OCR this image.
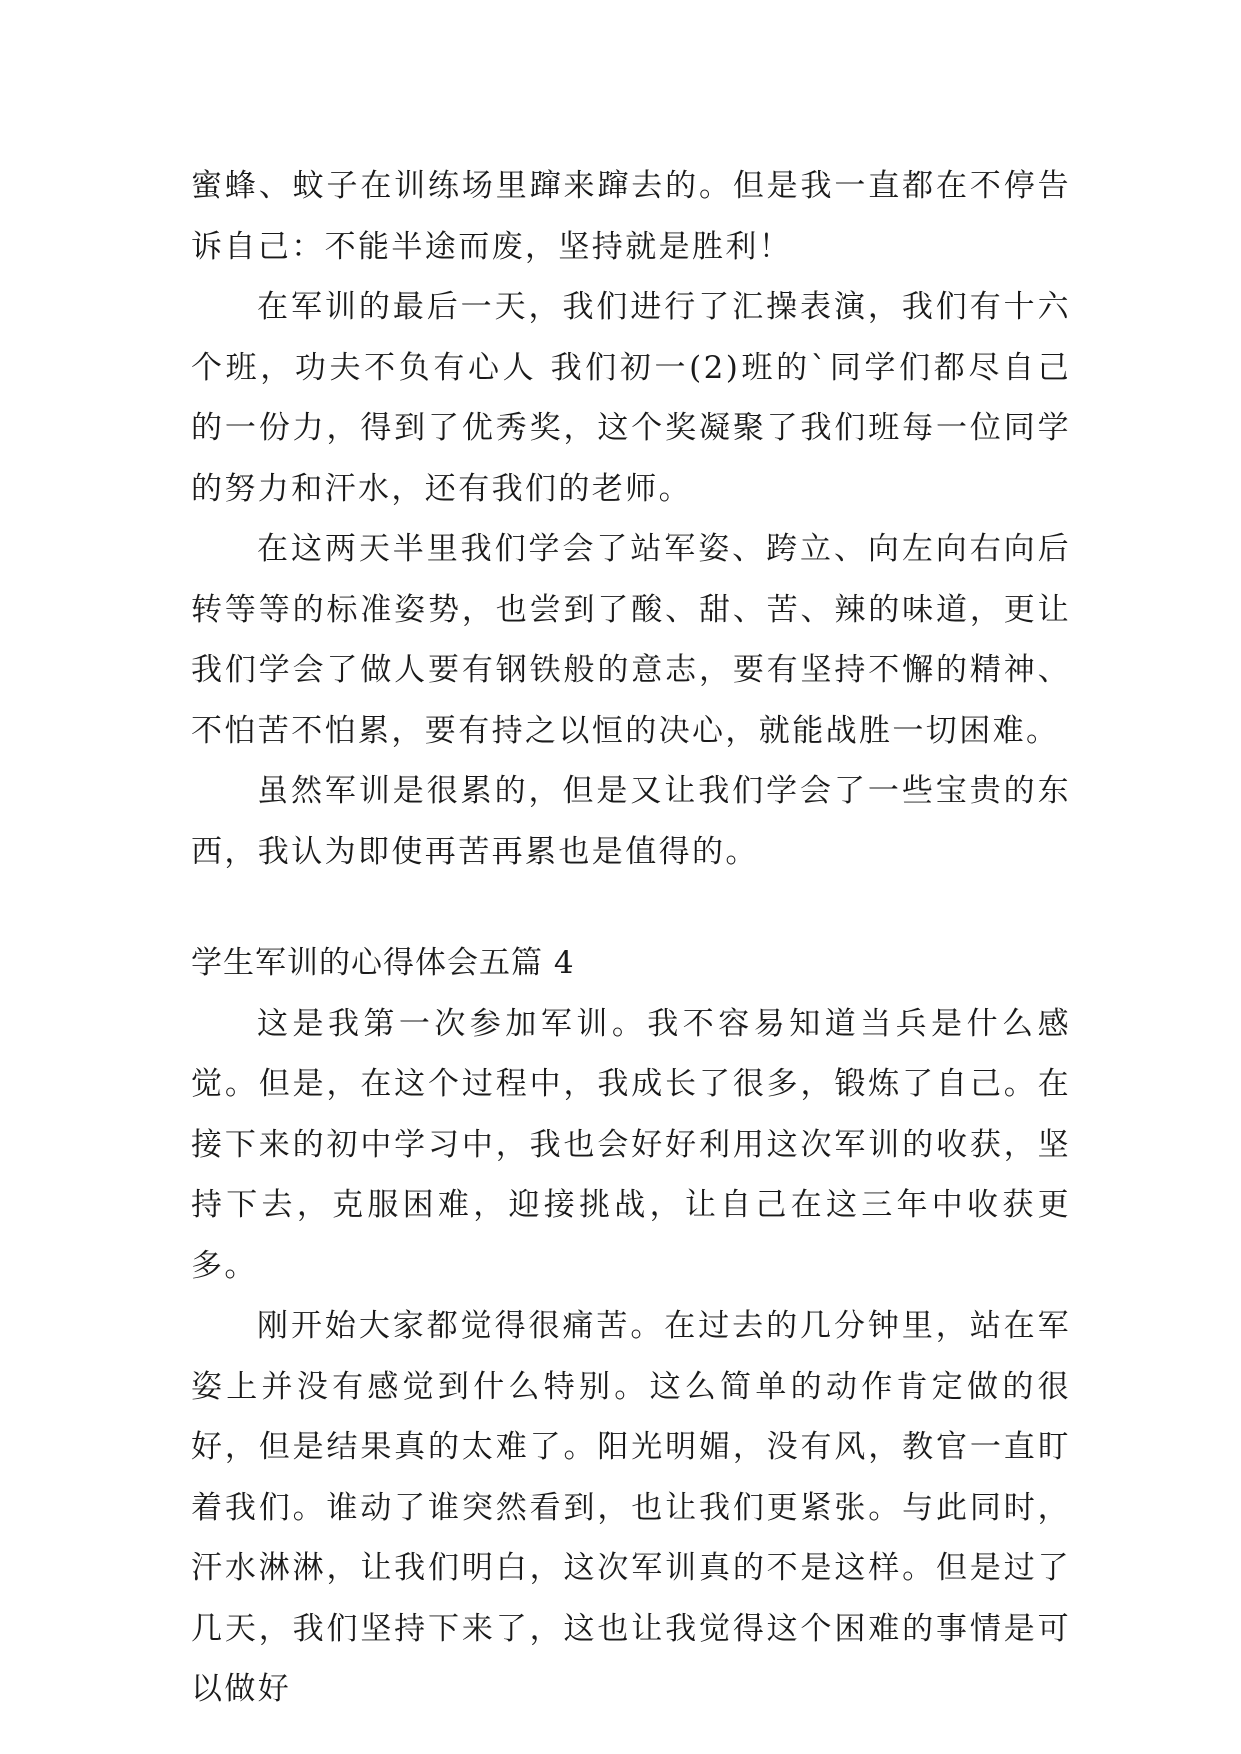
蜜蜂、蚊子在训练场里蹿来蹿去的。但是我一直都在不停告诉自己：不能半途而废，坚持就是胜利！

在军训的最后一天，我们进行了汇操表演，我们有十六个班，功夫不负有心人 我们初一(2)班的`同学们都尽自己的一份力，得到了优秀奖，这个奖凝聚了我们班每一位同学的努力和汗水，还有我们的老师。

在这两天半里我们学会了站军姿、跨立、向左向右向后转等等的标准姿势，也尝到了酸、甜、苦、辣的味道，更让我们学会了做人要有钢铁般的意志，要有坚持不懈的精神、不怕苦不怕累，要有持之以恒的决心，就能战胜一切困难。

虽然军训是很累的，但是又让我们学会了一些宝贵的东西，我认为即使再苦再累也是值得的。

学生军训的心得体会五篇 4

这是我第一次参加军训。我不容易知道当兵是什么感觉。但是，在这个过程中，我成长了很多，锻炼了自己。在接下来的初中学习中，我也会好好利用这次军训的收获，坚持下去，克服困难，迎接挑战，让自己在这三年中收获更多。

刚开始大家都觉得很痛苦。在过去的几分钟里，站在军姿上并没有感觉到什么特别。这么简单的动作肯定做的很好，但是结果真的太难了。阳光明媚，没有风，教官一直盯着我们。谁动了谁突然看到，也让我们更紧张。与此同时，汗水淋淋，让我们明白，这次军训真的不是这样。但是过了几天，我们坚持下来了，这也让我觉得这个困难的事情是可以做好
